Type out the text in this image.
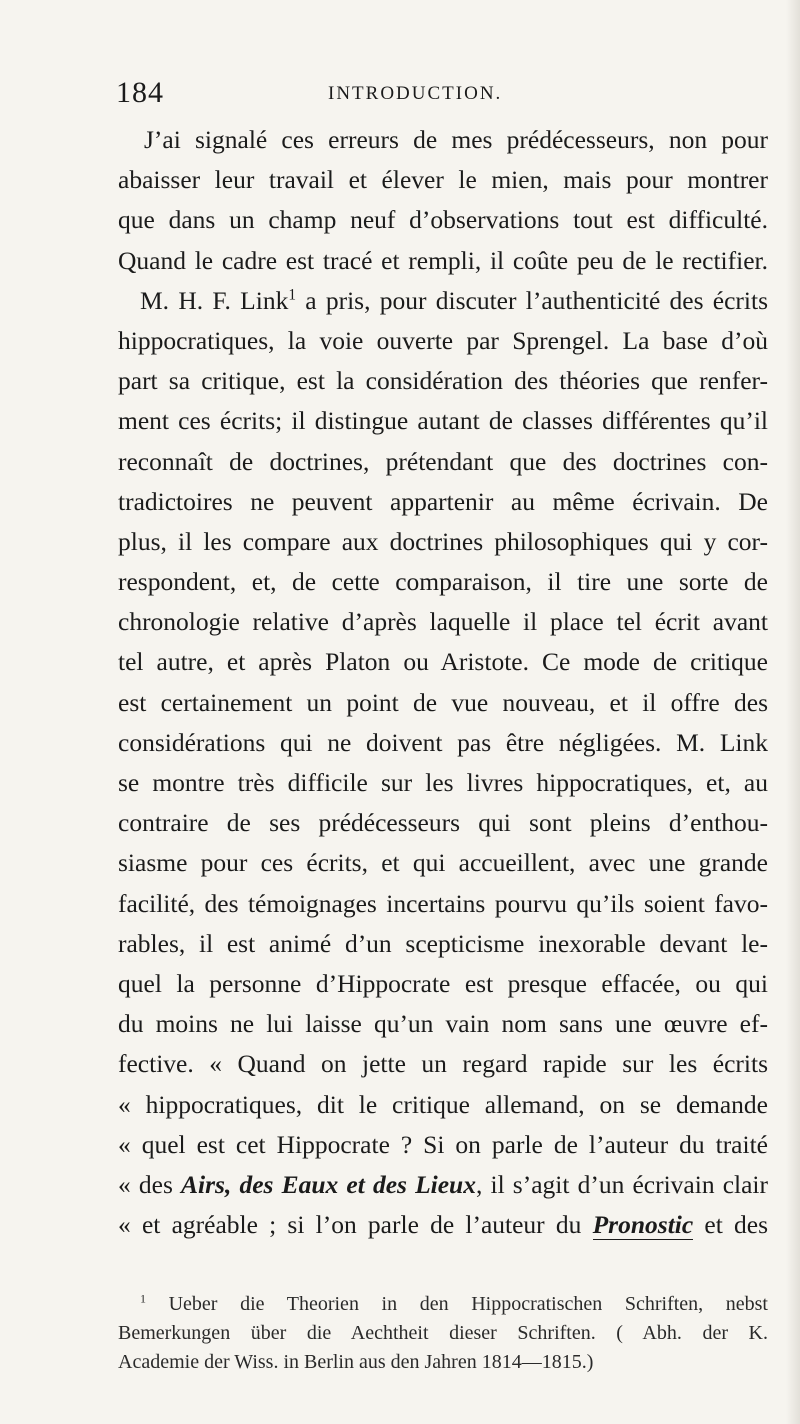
184	INTRODUCTION.
J’ai signalé ces erreurs de mes prédécesseurs, non pour
abaisser leur travail et élever le mien, mais pour montrer
que dans un champ neuf d’observations tout est difficulté.
Quand le cadre est tracé et rempli, il coûte peu de le rectifier.
M. H. F. Link$^1$ a pris, pour discuter l’authenticité des écrits
hippocratiques, la voie ouverte par Sprengel. La base d’où
part sa critique, est la considération des théories que renfer-
ment ces écrits; il distingue autant de classes différentes qu’il
reconnaît de doctrines, prétendant que des doctrines con-
tradictoires ne peuvent appartenir au même écrivain. De
plus, il les compare aux doctrines philosophiques qui y cor-
respondent, et, de cette comparaison, il tire une sorte de
chronologie relative d’après laquelle il place tel écrit avant
tel autre, et après Platon ou Aristote. Ce mode de critique
est certainement un point de vue nouveau, et il offre des
considérations qui ne doivent pas être négligées. M. Link
se montre très difficile sur les livres hippocratiques, et, au
contraire de ses prédécesseurs qui sont pleins d’enthou-
siasme pour ces écrits, et qui accueillent, avec une grande
facilité, des témoignages incertains pourvu qu’ils soient favo-
rables, il est animé d’un scepticisme inexorable devant le-
quel la personne d’Hippocrate est presque effacée, ou qui
du moins ne lui laisse qu’un vain nom sans une œuvre ef-
fective. « Quand on jette un regard rapide sur les écrits
« hippocratiques, dit le critique allemand, on se demande
« quel est cet Hippocrate ? Si on parle de l’auteur du traité
« des Airs, des Eaux et des Lieux, il s’agit d’un écrivain clair
« et agréable ; si l’on parle de l’auteur du Pronostic et des
$^1$ Ueber die Theorien in den Hippocratischen Schriften, nebst
Bemerkungen über die Aechtheit dieser Schriften. ( Abh. der K.
Academie der Wiss. in Berlin aus den Jahren 1814—1815.)
